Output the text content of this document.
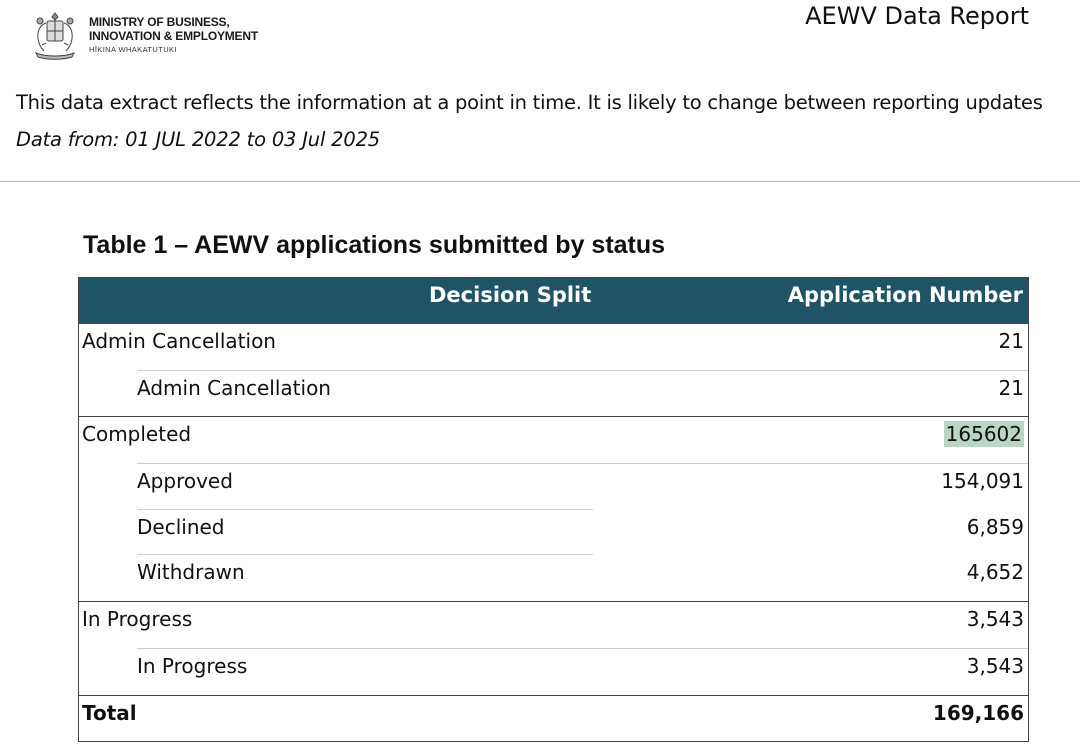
MINISTRY OF BUSINESS,
INNOVATION & EMPLOYMENT
HĪKINA WHAKATUTUKI
AEWV Data Report
This data extract reflects the information at a point in time. It is likely to change between reporting updates
Data from: 01 JUL 2022 to 03 Jul 2025
Table 1 – AEWV applications submitted by status
Decision Split	Application Number
Admin Cancellation	21
Admin Cancellation	21
Completed	165602
Approved	154,091
Declined	6,859
Withdrawn	4,652
In Progress	3,543
In Progress	3,543
Total	169,166
